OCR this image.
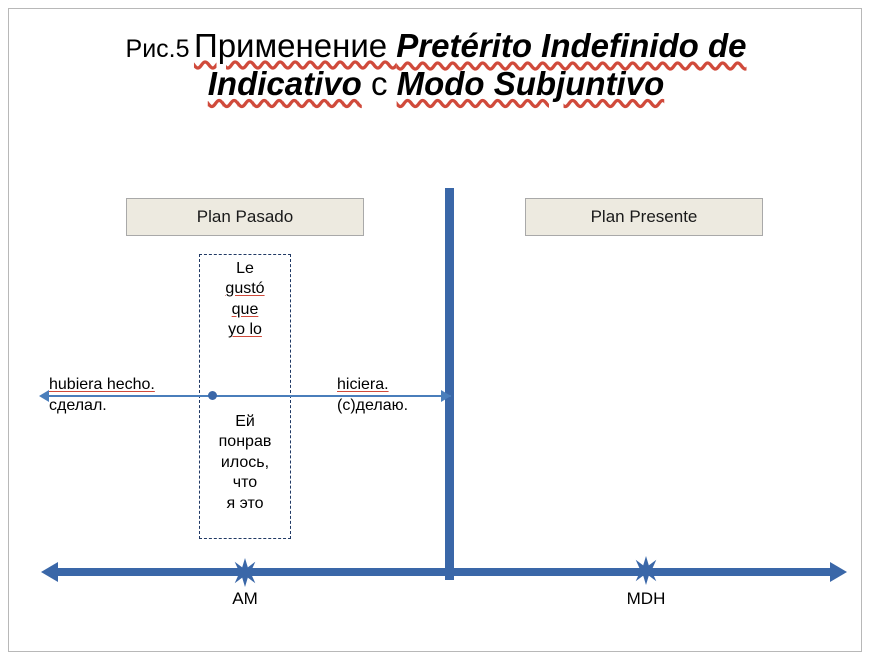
Рис.5 Применение Pretérito Indefinido de
Indicativo с Modo Subjuntivo
Plan Pasado	Plan Presente
Le
gustó
que
yo lo
Ей
понрав
илось,
что
я это
hubiera hecho.
сделал.
hiciera.
(с)делаю.
AM	MDH
